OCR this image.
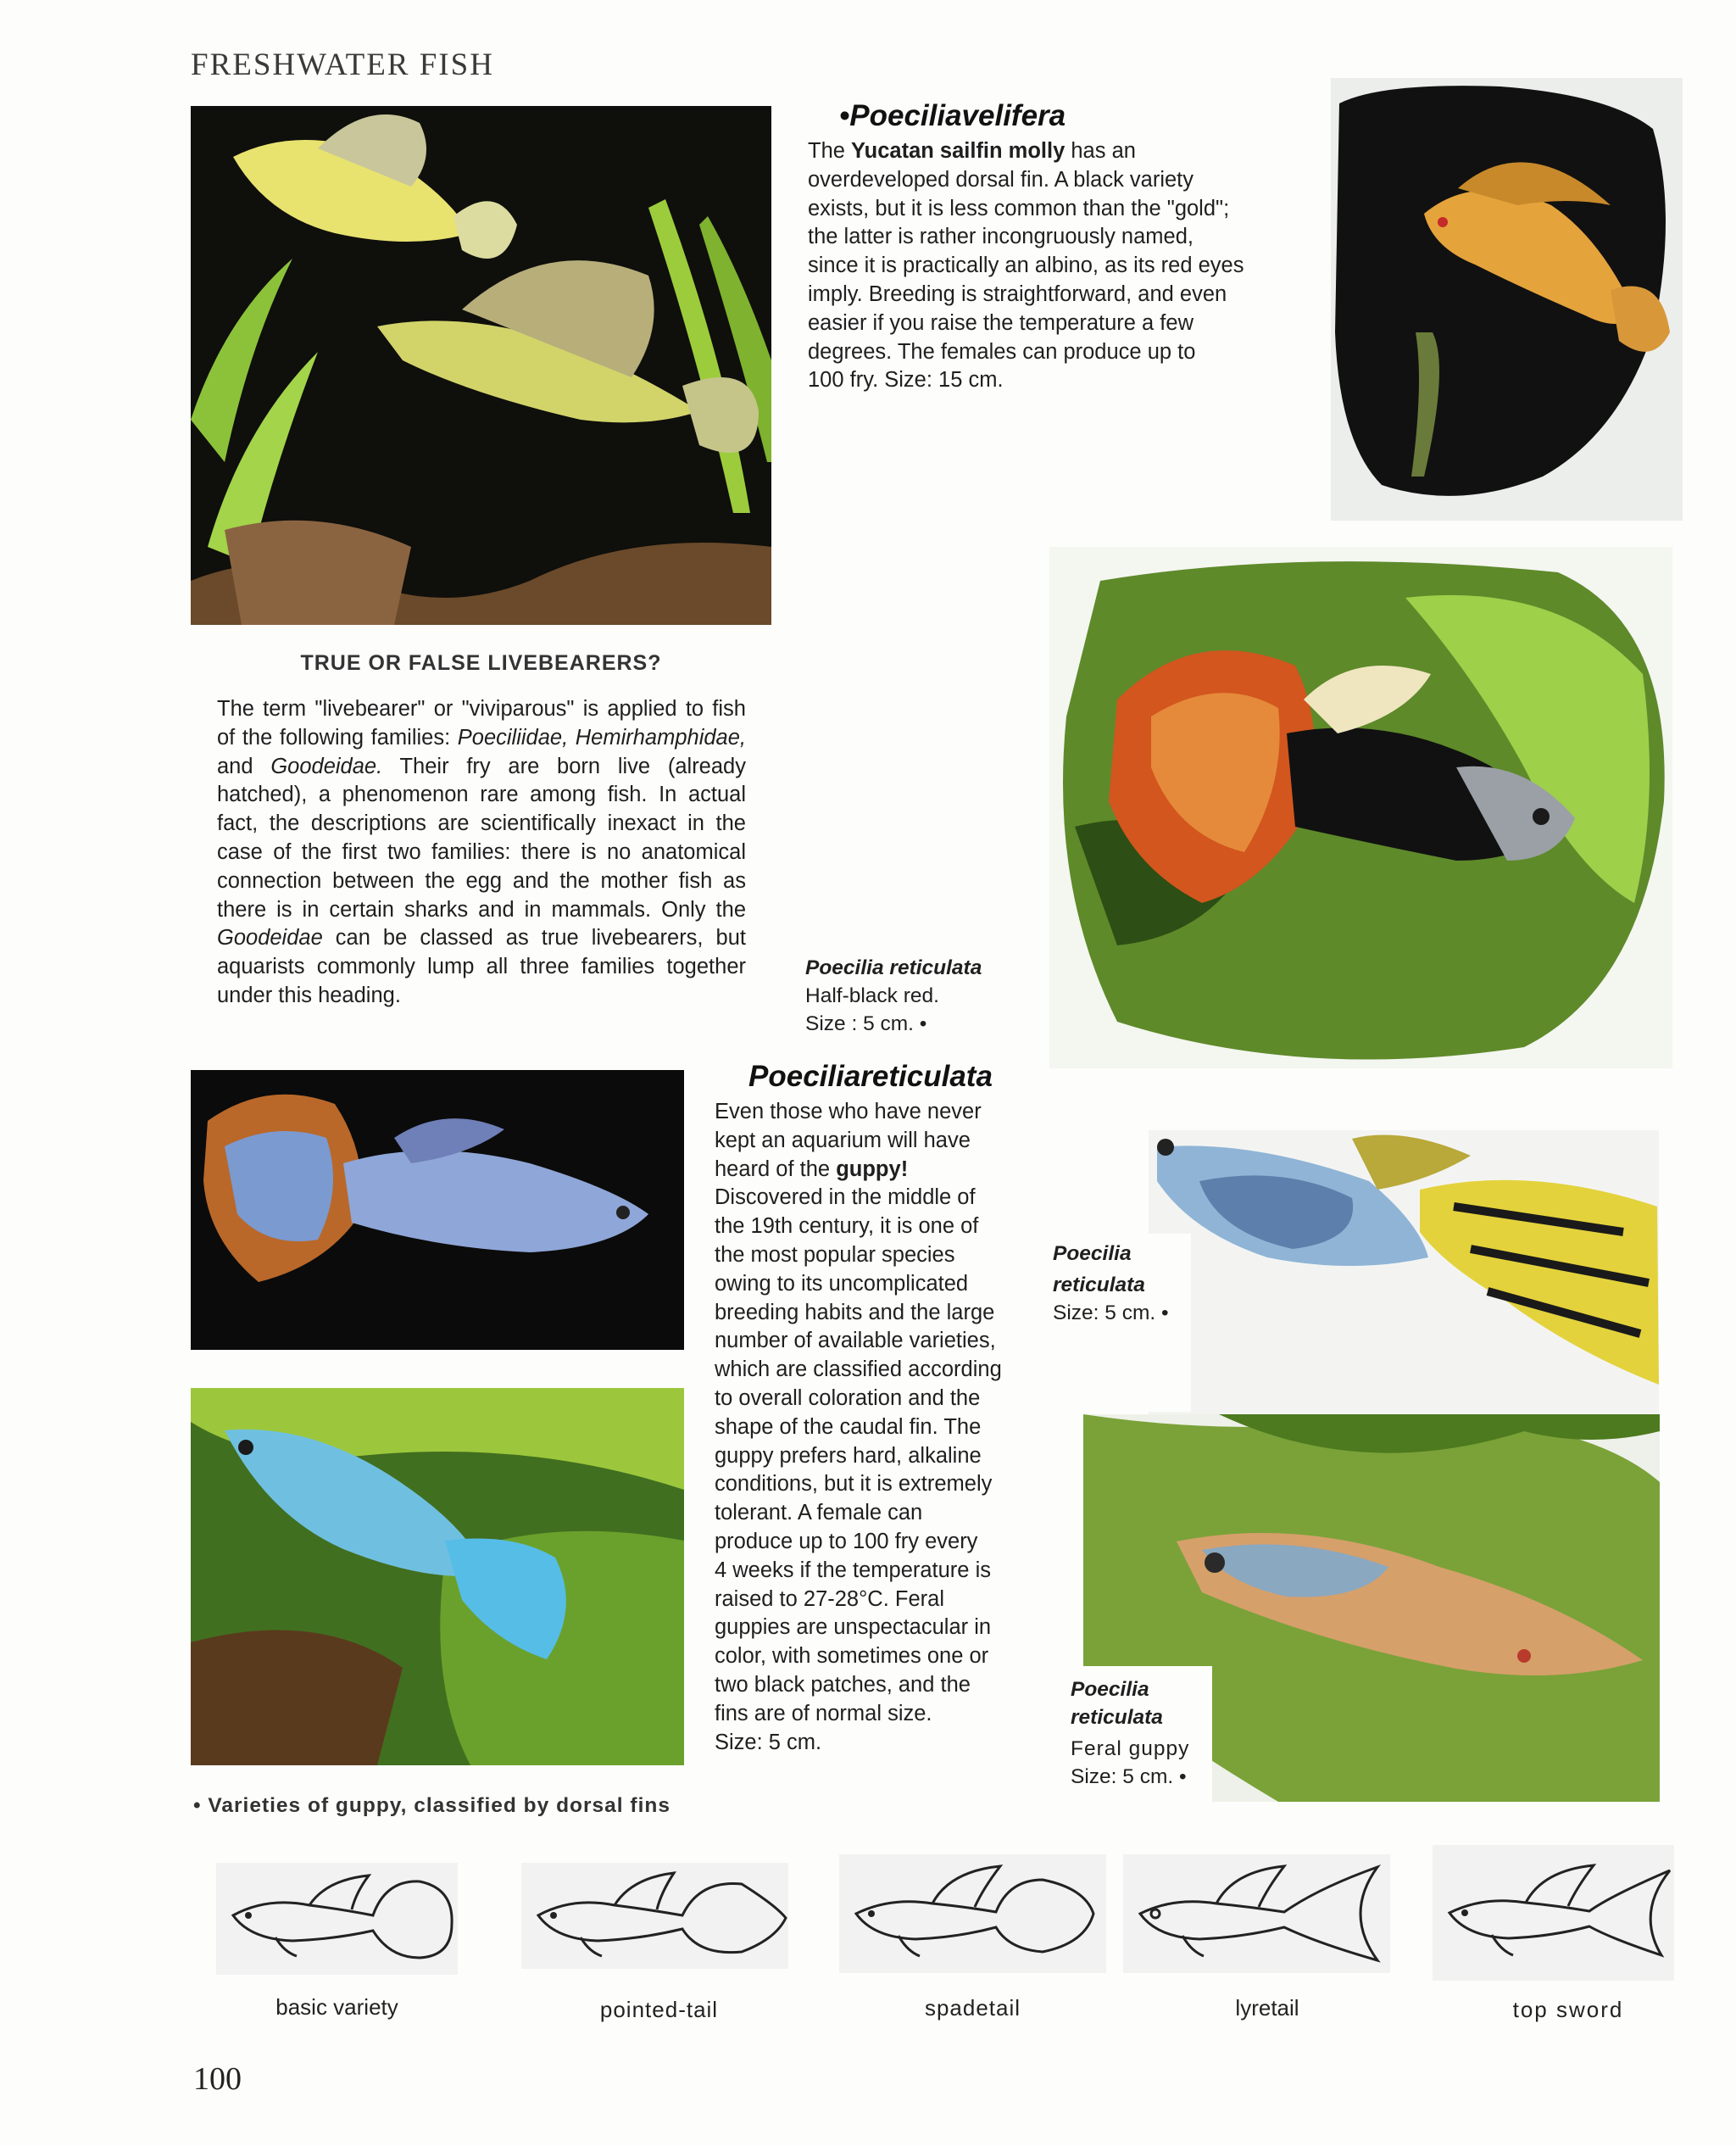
FRESHWATER FISH
•Poeciliavelifera
The Yucatan sailfin molly has an
overdeveloped dorsal fin. A black variety
exists, but it is less common than the "gold";
the latter is rather incongruously named,
since it is practically an albino, as its red eyes
imply. Breeding is straightforward, and even
easier if you raise the temperature a few
degrees. The females can produce up to
100 fry. Size: 15 cm.
TRUE OR FALSE LIVEBEARERS?
The term "livebearer" or "viviparous" is applied to fish of the following families: Poeciliidae, Hemirhamphidae, and Goodeidae. Their fry are born live (already hatched), a phenomenon rare among fish. In actual fact, the descriptions are scientifically inexact in the case of the first two families: there is no anatomical connection between the egg and the mother fish as there is in certain sharks and in mammals. Only the Goodeidae can be classed as true livebearers, but aquarists commonly lump all three families together under this heading.
Poecilia reticulata
Half-black red.
Size : 5 cm. •
Poeciliareticulata
Even those who have never
kept an aquarium will have
heard of the guppy!
Discovered in the middle of
the 19th century, it is one of
the most popular species
owing to its uncomplicated
breeding habits and the large
number of available varieties,
which are classified according
to overall coloration and the
shape of the caudal fin. The
guppy prefers hard, alkaline
conditions, but it is extremely
tolerant. A female can
produce up to 100 fry every
4 weeks if the temperature is
raised to 27-28°C. Feral
guppies are unspectacular in
color, with sometimes one or
two black patches, and the
fins are of normal size.
Size: 5 cm.
Poecilia
reticulata
Size: 5 cm. •
Poecilia
reticulata
Feral guppy
Size: 5 cm. •
• Varieties of guppy, classified by dorsal fins
basic variety	pointed-tail	spadetail	lyretail	top sword
100
